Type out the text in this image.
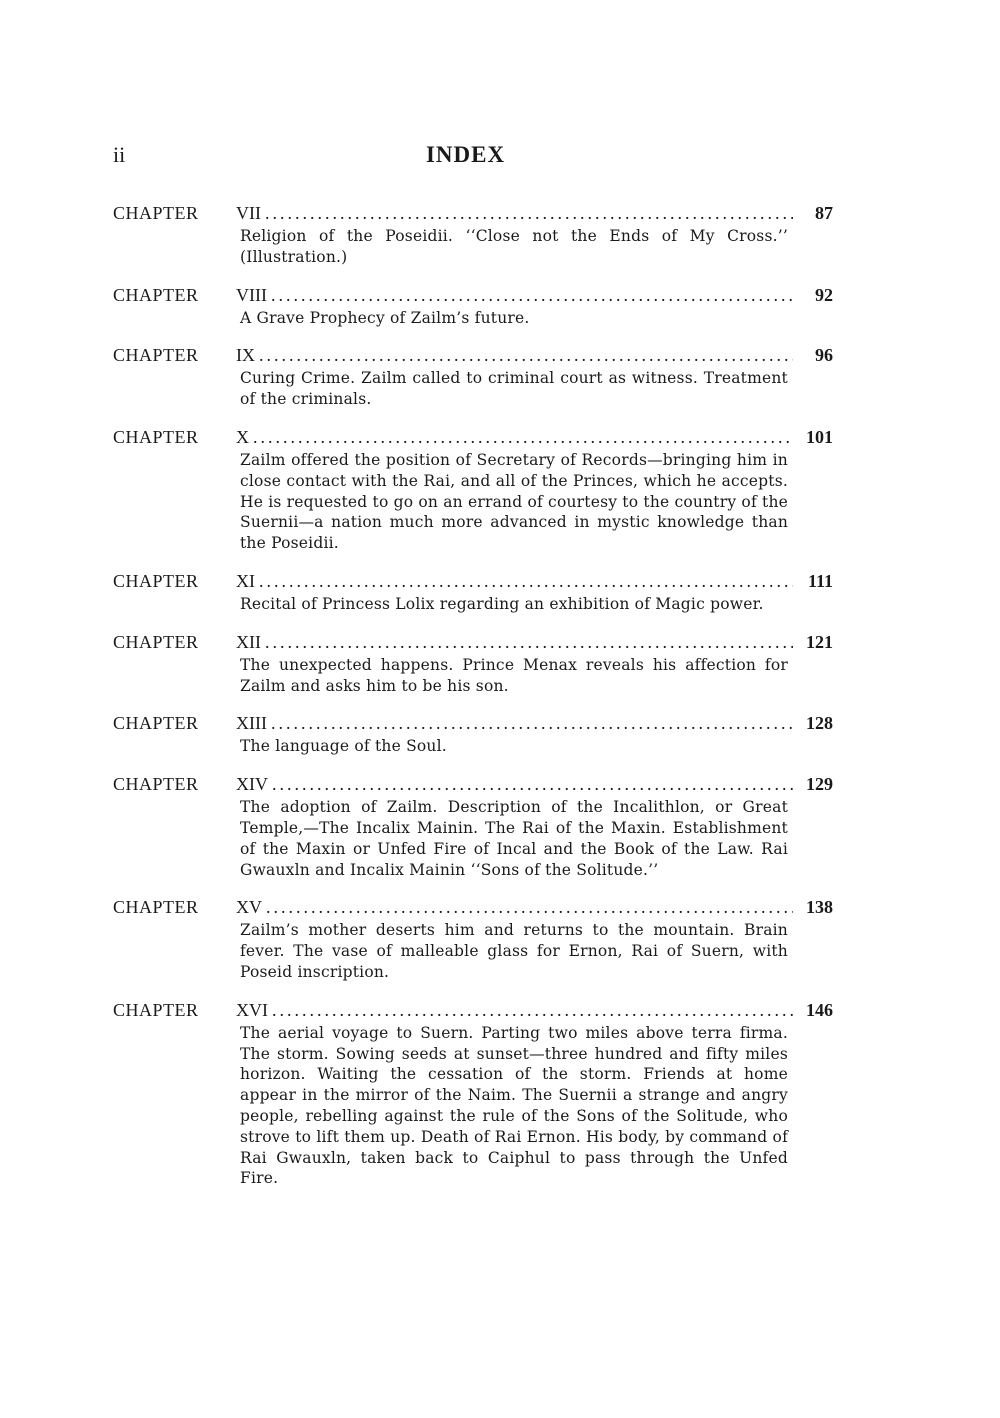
ii	INDEX
CHAPTER	VII .....	87
Religion of the Poseidii. ‘‘Close not the Ends of My Cross.’’ (Illustration.)
CHAPTER	VIII .....	92
A Grave Prophecy of Zailm’s future.
CHAPTER	IX .....	96
Curing Crime. Zailm called to criminal court as witness. Treatment of the criminals.
CHAPTER	X .....	101
Zailm offered the position of Secretary of Records—bringing him in close contact with the Rai, and all of the Princes, which he accepts. He is requested to go on an errand of courtesy to the country of the Suernii—a nation much more advanced in mystic knowledge than the Poseidii.
CHAPTER	XI .....	111
Recital of Princess Lolix regarding an exhibition of Magic power.
CHAPTER	XII .....	121
The unexpected happens. Prince Menax reveals his affection for Zailm and asks him to be his son.
CHAPTER	XIII .....	128
The language of the Soul.
CHAPTER	XIV .....	129
The adoption of Zailm. Description of the Incalithlon, or Great Temple,—The Incalix Mainin. The Rai of the Maxin. Establishment of the Maxin or Unfed Fire of Incal and the Book of the Law. Rai Gwauxln and Incalix Mainin ‘‘Sons of the Solitude.’’
CHAPTER	XV .....	138
Zailm’s mother deserts him and returns to the mountain. Brain fever. The vase of malleable glass for Ernon, Rai of Suern, with Poseid inscription.
CHAPTER	XVI .....	146
The aerial voyage to Suern. Parting two miles above terra firma. The storm. Sowing seeds at sunset—three hundred and fifty miles horizon. Waiting the cessation of the storm. Friends at home appear in the mirror of the Naim. The Suernii a strange and angry people, rebelling against the rule of the Sons of the Solitude, who strove to lift them up. Death of Rai Ernon. His body, by command of Rai Gwauxln, taken back to Caiphul to pass through the Unfed Fire.
